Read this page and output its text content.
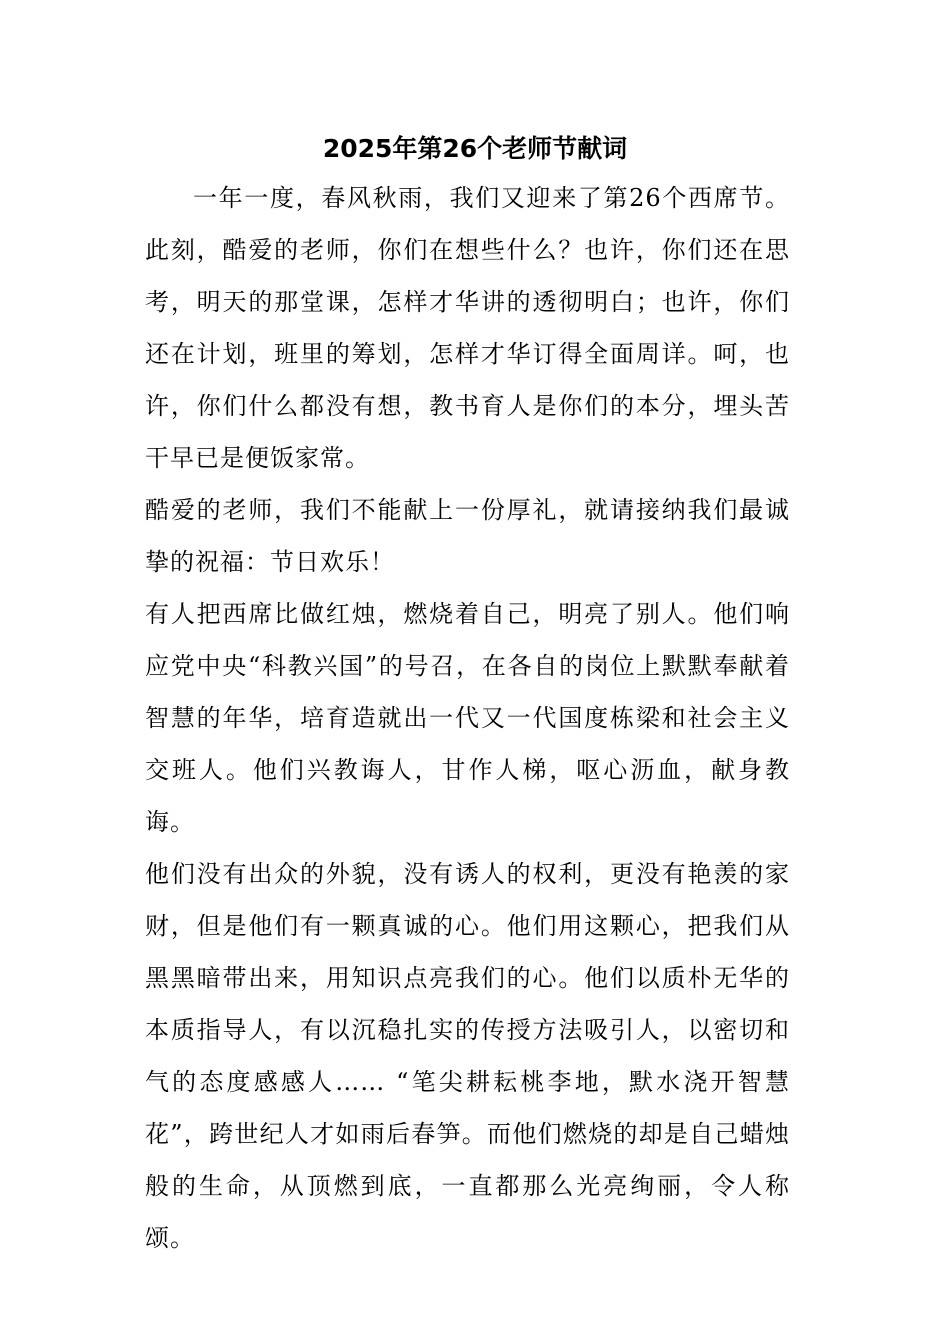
2025年第26个老师节献词

一年一度，春风秋雨，我们又迎来了第26个西席节。此刻，酷爱的老师，你们在想些什么？也许，你们还在思考，明天的那堂课，怎样才华讲的透彻明白；也许，你们还在计划，班里的筹划，怎样才华订得全面周详。呵，也许，你们什么都没有想，教书育人是你们的本分，埋头苦干早已是便饭家常。

酷爱的老师，我们不能献上一份厚礼，就请接纳我们最诚挚的祝福：节日欢乐！

有人把西席比做红烛，燃烧着自己，明亮了别人。他们响应党中央“科教兴国”的号召，在各自的岗位上默默奉献着智慧的年华，培育造就出一代又一代国度栋梁和社会主义交班人。他们兴教诲人，甘作人梯，呕心沥血，献身教诲。

他们没有出众的外貌，没有诱人的权利，更没有艳羡的家财，但是他们有一颗真诚的心。他们用这颗心，把我们从黑黑暗带出来，用知识点亮我们的心。他们以质朴无华的本质指导人，有以沉稳扎实的传授方法吸引人，以密切和气的态度感感人…… “笔尖耕耘桃李地，默水浇开智慧花”，跨世纪人才如雨后春笋。而他们燃烧的却是自己蜡烛般的生命，从顶燃到底，一直都那么光亮绚丽，令人称颂。
